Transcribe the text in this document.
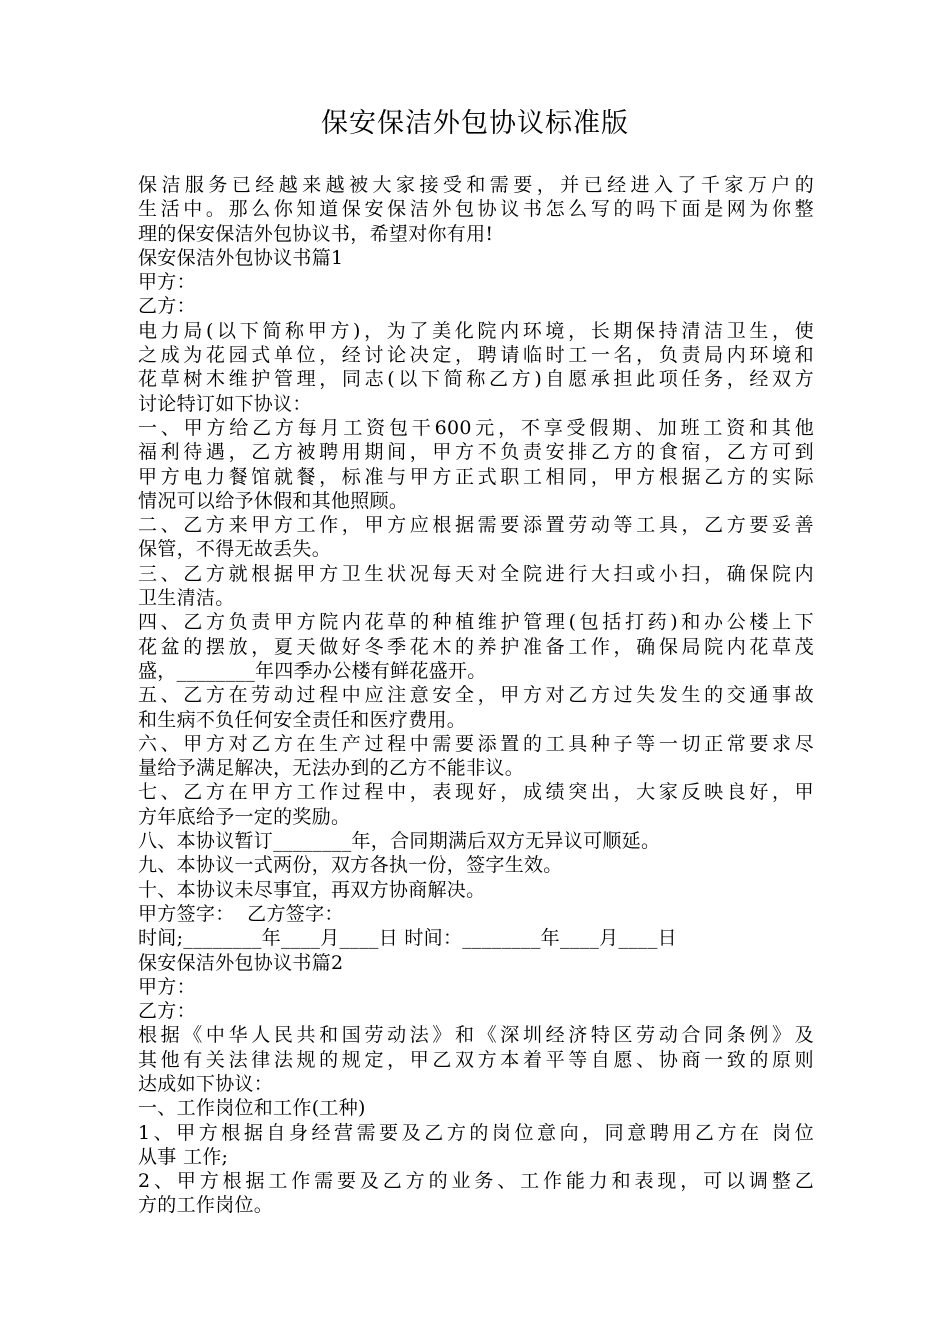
保安保洁外包协议标准版
保洁服务已经越来越被大家接受和需要，并已经进入了千家万户的
生活中。那么你知道保安保洁外包协议书怎么写的吗下面是网为你整
理的保安保洁外包协议书，希望对你有用!
保安保洁外包协议书篇1
甲方：
乙方：
电力局(以下简称甲方)，为了美化院内环境，长期保持清洁卫生，使
之成为花园式单位，经讨论决定，聘请临时工一名，负责局内环境和
花草树木维护管理，同志(以下简称乙方)自愿承担此项任务，经双方
讨论特订如下协议：
一、甲方给乙方每月工资包干600元，不享受假期、加班工资和其他
福利待遇，乙方被聘用期间，甲方不负责安排乙方的食宿，乙方可到
甲方电力餐馆就餐，标准与甲方正式职工相同，甲方根据乙方的实际
情况可以给予休假和其他照顾。
二、乙方来甲方工作，甲方应根据需要添置劳动等工具，乙方要妥善
保管，不得无故丢失。
三、乙方就根据甲方卫生状况每天对全院进行大扫或小扫，确保院内
卫生清洁。
四、乙方负责甲方院内花草的种植维护管理(包括打药)和办公楼上下
花盆的摆放，夏天做好冬季花木的养护准备工作，确保局院内花草茂
盛，________年四季办公楼有鲜花盛开。
五、乙方在劳动过程中应注意安全，甲方对乙方过失发生的交通事故
和生病不负任何安全责任和医疗费用。
六、甲方对乙方在生产过程中需要添置的工具种子等一切正常要求尽
量给予满足解决，无法办到的乙方不能非议。
七、乙方在甲方工作过程中，表现好，成绩突出，大家反映良好，甲
方年底给予一定的奖励。
八、本协议暂订________年，合同期满后双方无异议可顺延。
九、本协议一式两份，双方各执一份，签字生效。
十、本协议未尽事宜，再双方协商解决。
甲方签字：  乙方签字：
时间;________年____月____日 时间：________年____月____日
保安保洁外包协议书篇2
甲方：
乙方：
根据《中华人民共和国劳动法》和《深圳经济特区劳动合同条例》及
其他有关法律法规的规定，甲乙双方本着平等自愿、协商一致的原则
达成如下协议：
一、工作岗位和工作(工种)
1、甲方根据自身经营需要及乙方的岗位意向，同意聘用乙方在 岗位
从事 工作;
2、甲方根据工作需要及乙方的业务、工作能力和表现，可以调整乙
方的工作岗位。
